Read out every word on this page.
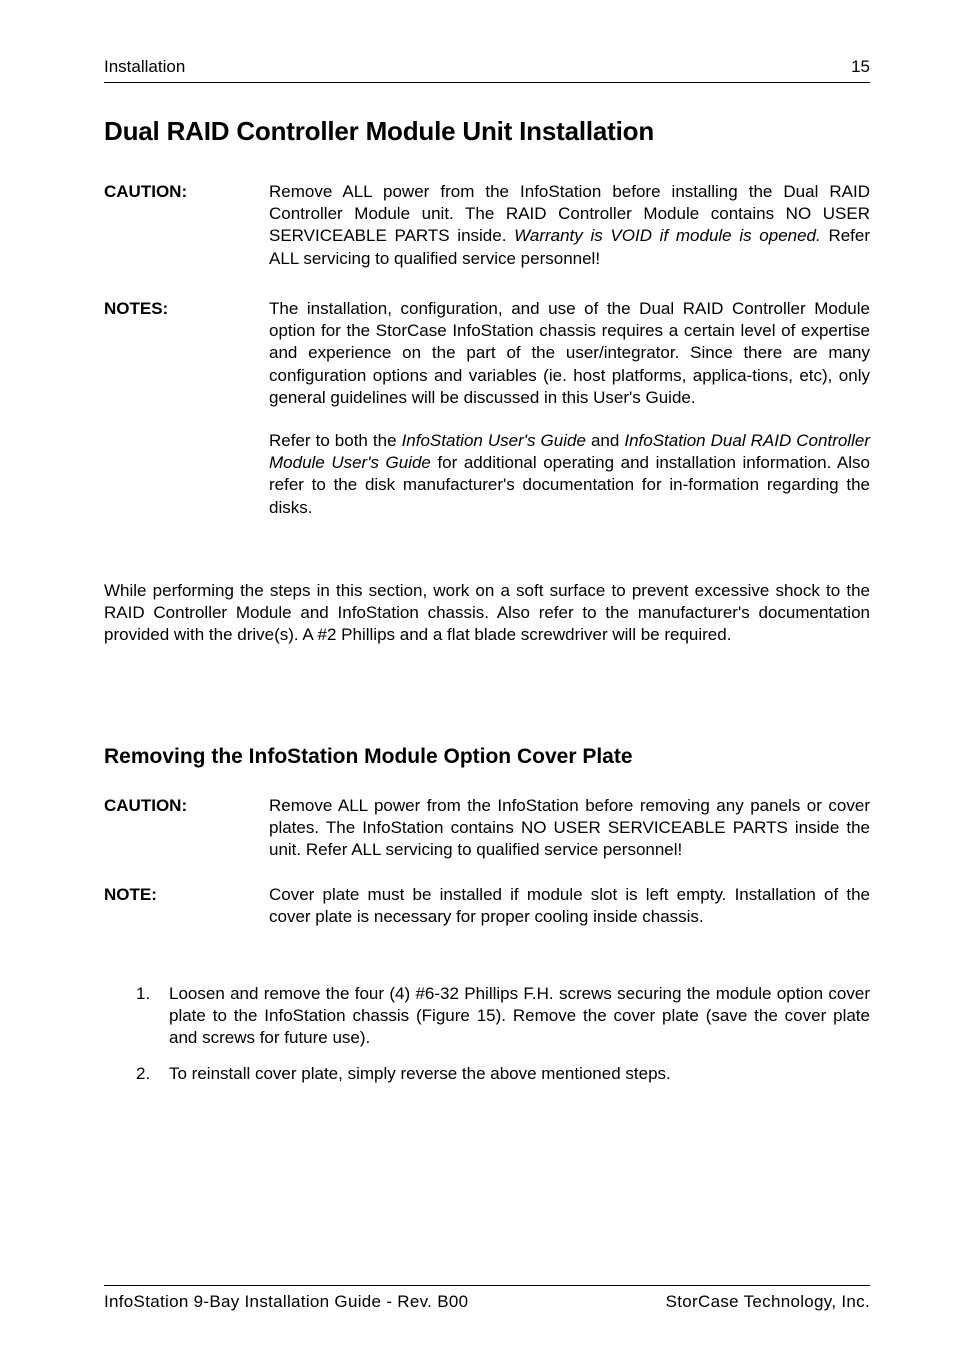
Installation	15
Dual RAID Controller Module Unit Installation
CAUTION:	Remove ALL power from the InfoStation before installing the Dual RAID Controller Module unit. The RAID Controller Module contains NO USER SERVICEABLE PARTS inside. Warranty is VOID if module is opened. Refer ALL servicing to qualified service personnel!

NOTES:	The installation, configuration, and use of the Dual RAID Controller Module option for the StorCase InfoStation chassis requires a certain level of expertise and experience on the part of the user/integrator. Since there are many configuration options and variables (ie. host platforms, applica-tions, etc), only general guidelines will be discussed in this User's Guide.

Refer to both the InfoStation User's Guide and InfoStation Dual RAID Controller Module User's Guide for additional operating and installation information. Also refer to the disk manufacturer's documentation for in-formation regarding the disks.

While performing the steps in this section, work on a soft surface to prevent excessive shock to the RAID Controller Module and InfoStation chassis. Also refer to the manufacturer's documentation provided with the drive(s). A #2 Phillips and a flat blade screwdriver will be required.

Removing the InfoStation Module Option Cover Plate
CAUTION:	Remove ALL power from the InfoStation before removing any panels or cover plates. The InfoStation contains NO USER SERVICEABLE PARTS inside the unit. Refer ALL servicing to qualified service personnel!

NOTE:	Cover plate must be installed if module slot is left empty. Installation of the cover plate is necessary for proper cooling inside chassis.

1. Loosen and remove the four (4) #6-32 Phillips F.H. screws securing the module option cover plate to the InfoStation chassis (Figure 15). Remove the cover plate (save the cover plate and screws for future use).
2. To reinstall cover plate, simply reverse the above mentioned steps.
InfoStation 9-Bay Installation Guide - Rev. B00	StorCase Technology, Inc.
